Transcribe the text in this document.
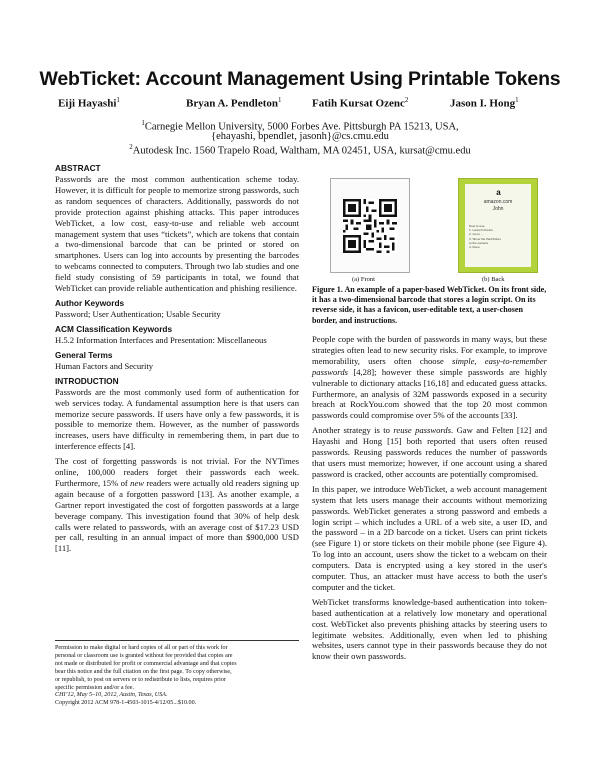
WebTicket: Account Management Using Printable Tokens
Eiji Hayashi$^1$	Bryan A. Pendleton$^1$	Fatih Kursat Ozenc$^2$	Jason I. Hong$^1$
$^1$Carnegie Mellon University, 5000 Forbes Ave. Pittsburgh PA 15213, USA,
{ehayashi, bpendlet, jasonh}@cs.cmu.edu
$^2$Autodesk Inc. 1560 Trapelo Road, Waltham, MA 02451, USA, kursat@cmu.edu
ABSTRACT

Passwords are the most common authentication scheme today. However, it is difficult for people to memorize strong passwords, such as random sequences of characters. Additionally, passwords do not provide protection against phishing attacks. This paper introduces WebTicket, a low cost, easy-to-use and reliable web account management system that uses “tickets”, which are tokens that contain a two-dimensional barcode that can be printed or stored on smartphones. Users can log into accounts by presenting the barcodes to webcams connected to computers. Through two lab studies and one field study consisting of 59 participants in total, we found that WebTicket can provide reliable authentication and phishing resilience.

Author Keywords

Password; User Authentication; Usable Security

ACM Classification Keywords

H.5.2 Information Interfaces and Presentation: Miscellaneous

General Terms

Human Factors and Security

INTRODUCTION

Passwords are the most commonly used form of authentication for web services today. A fundamental assumption here is that users can memorize secure passwords. If users have only a few passwords, it is possible to memorize them. However, as the number of passwords increases, users have difficulty in remembering them, in part due to interference effects [4].

The cost of forgetting passwords is not trivial. For the NYTimes online, 100,000 readers forget their passwords each week. Furthermore, 15% of new readers were actually old readers signing up again because of a forgotten password [13]. As another example, a Gartner report investigated the cost of forgotten passwords at a large beverage company. This investigation found that 30% of help desk calls were related to passwords, with an average cost of $17.23 USD per call, resulting in an annual impact of more than $900,000 USD [11].

Permission to make digital or hard copies of all or part of this work for
personal or classroom use is granted without fee provided that copies are
not made or distributed for profit or commercial advantage and that copies
bear this notice and the full citation on the first page. To copy otherwise,
or republish, to post on servers or to redistribute to lists, requires prior
specific permission and/or a fee.
CHI’12, May 5–10, 2012, Austin, Texas, USA.
Copyright 2012 ACM 978-1-4503-1015-4/12/05...$10.00.
(a) Front
a
amazon.com
John
How to use
1. Launch Firefox
2. Go to ...
3. Show the WebTicket
to the camera
4. Done
(b) Back
Figure 1. An example of a paper-based WebTicket. On its front side, it has a two-dimensional barcode that stores a login script. On its reverse side, it has a favicon, user-editable text, a user-chosen border, and instructions.

People cope with the burden of passwords in many ways, but these strategies often lead to new security risks. For example, to improve memorability, users often choose simple, easy-to-remember passwords [4,28]; however these simple passwords are highly vulnerable to dictionary attacks [16,18] and educated guess attacks. Furthermore, an analysis of 32M passwords exposed in a security breach at RockYou.com showed that the top 20 most common passwords could compromise over 5% of the accounts [33].

Another strategy is to reuse passwords. Gaw and Felten [12] and Hayashi and Hong [15] both reported that users often reused passwords. Reusing passwords reduces the number of passwords that users must memorize; however, if one account using a shared password is cracked, other accounts are potentially compromised.

In this paper, we introduce WebTicket, a web account management system that lets users manage their accounts without memorizing passwords. WebTicket generates a strong password and embeds a login script – which includes a URL of a web site, a user ID, and the password – in a 2D barcode on a ticket. Users can print tickets (see Figure 1) or store tickets on their mobile phone (see Figure 4). To log into an account, users show the ticket to a webcam on their computers. Data is encrypted using a key stored in the user's computer. Thus, an attacker must have access to both the user's computer and the ticket.

WebTicket transforms knowledge-based authentication into token-based authentication at a relatively low monetary and operational cost. WebTicket also prevents phishing attacks by steering users to legitimate websites. Additionally, even when led to phishing websites, users cannot type in their passwords because they do not know their own passwords.
